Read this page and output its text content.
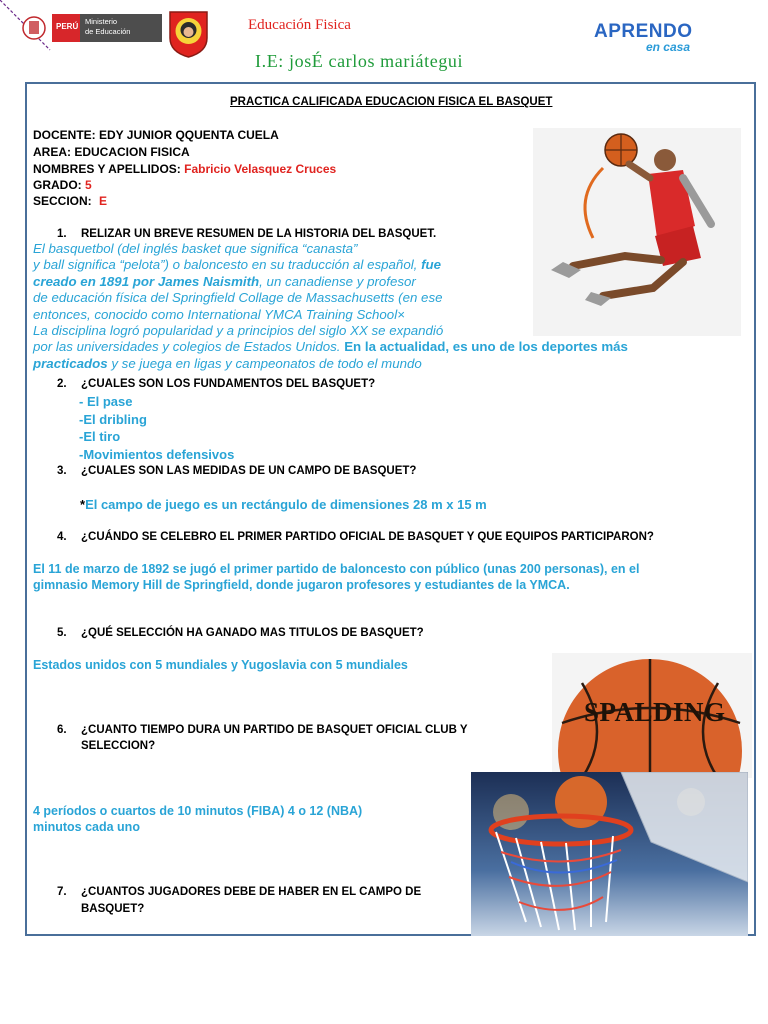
PERÚ
Ministerio
de Educación	Educación Fisica
I.E: josÉ carlos mariátegui
APRENDO
en casa
PRACTICA CALIFICADA EDUCACION FISICA EL BASQUET
DOCENTE: EDY JUNIOR QQUENTA CUELA
AREA: EDUCACION FISICA
NOMBRES Y APELLIDOS: Fabricio Velasquez Cruces
GRADO: 5
SECCION: E
1. RELIZAR UN BREVE RESUMEN DE LA HISTORIA DEL BASQUET.
El basquetbol (del inglés basket que significa “canasta”
y ball significa “pelota”) o baloncesto en su traducción al español, fue
creado en 1891 por James Naismith, un canadiense y profesor
de educación física del Springfield Collage de Massachusetts (en ese
entonces, conocido como International YMCA Training School×
La disciplina logró popularidad y a principios del siglo XX se expandió
por las universidades y colegios de Estados Unidos. En la actualidad, es uno de los deportes más
practicados y se juega en ligas y campeonatos de todo el mundo
2. ¿CUALES SON LOS FUNDAMENTOS DEL BASQUET?
- El pase
-El dribling
-El tiro
-Movimientos defensivos
3. ¿CUALES SON LAS MEDIDAS DE UN CAMPO DE BASQUET?
*El campo de juego es un rectángulo de dimensiones 28 m x 15 m
4. ¿CUÁNDO SE CELEBRO EL PRIMER PARTIDO OFICIAL DE BASQUET Y QUE EQUIPOS PARTICIPARON?
El 11 de marzo de 1892 se jugó el primer partido de baloncesto con público (unas 200 personas), en el
gimnasio Memory Hill de Springfield, donde jugaron profesores y estudiantes de la YMCA.
5. ¿QUÉ SELECCIÓN HA GANADO MAS TITULOS DE BASQUET?
Estados unidos con 5 mundiales y Yugoslavia con 5 mundiales
SPALDING
6. ¿CUANTO TIEMPO DURA UN PARTIDO DE BASQUET OFICIAL CLUB Y
SELECCION?
4 períodos o cuartos de 10 minutos (FIBA) 4 o 12 (NBA)
minutos cada uno
7. ¿CUANTOS JUGADORES DEBE DE HABER EN EL CAMPO DE
BASQUET?
